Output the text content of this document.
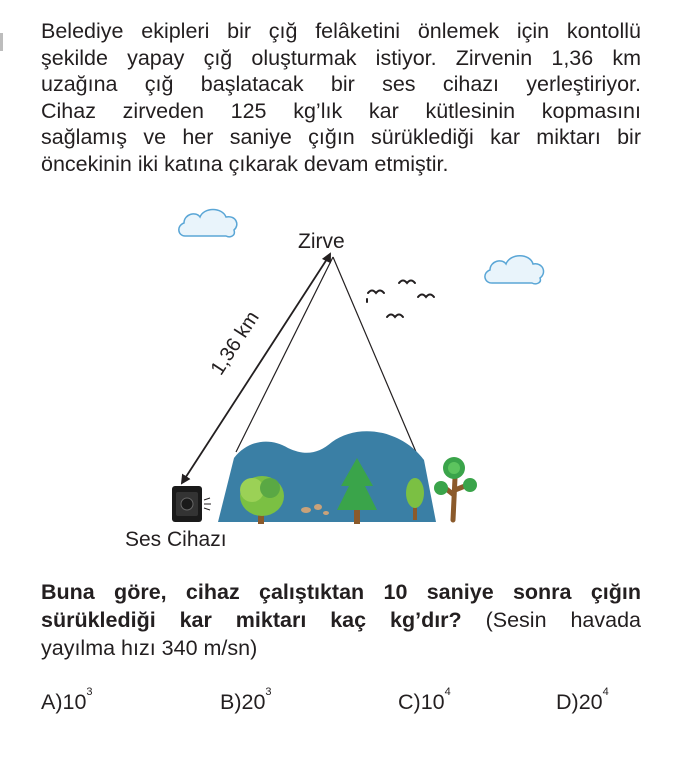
Belediye ekipleri bir çığ felâketini önlemek için kontollü
şekilde yapay çığ oluşturmak istiyor. Zirvenin 1,36 km
uzağına çığ başlatacak bir ses cihazı yerleştiriyor.
Cihaz zirveden 125 kg’lık kar kütlesinin kopmasını
sağlamış ve her saniye çığın sürüklediği kar miktarı bir
öncekinin iki katına çıkarak devam etmiştir.
Zirve
1,36 km
Ses Cihazı
Buna göre, cihaz çalıştıktan 10 saniye sonra çığın
sürüklediği kar miktarı kaç kg’dır? (Sesin havada
yayılma hızı 340 m/sn)
$A)10^3$	$B)20^3$	$C)10^4$	$D)20^4$
